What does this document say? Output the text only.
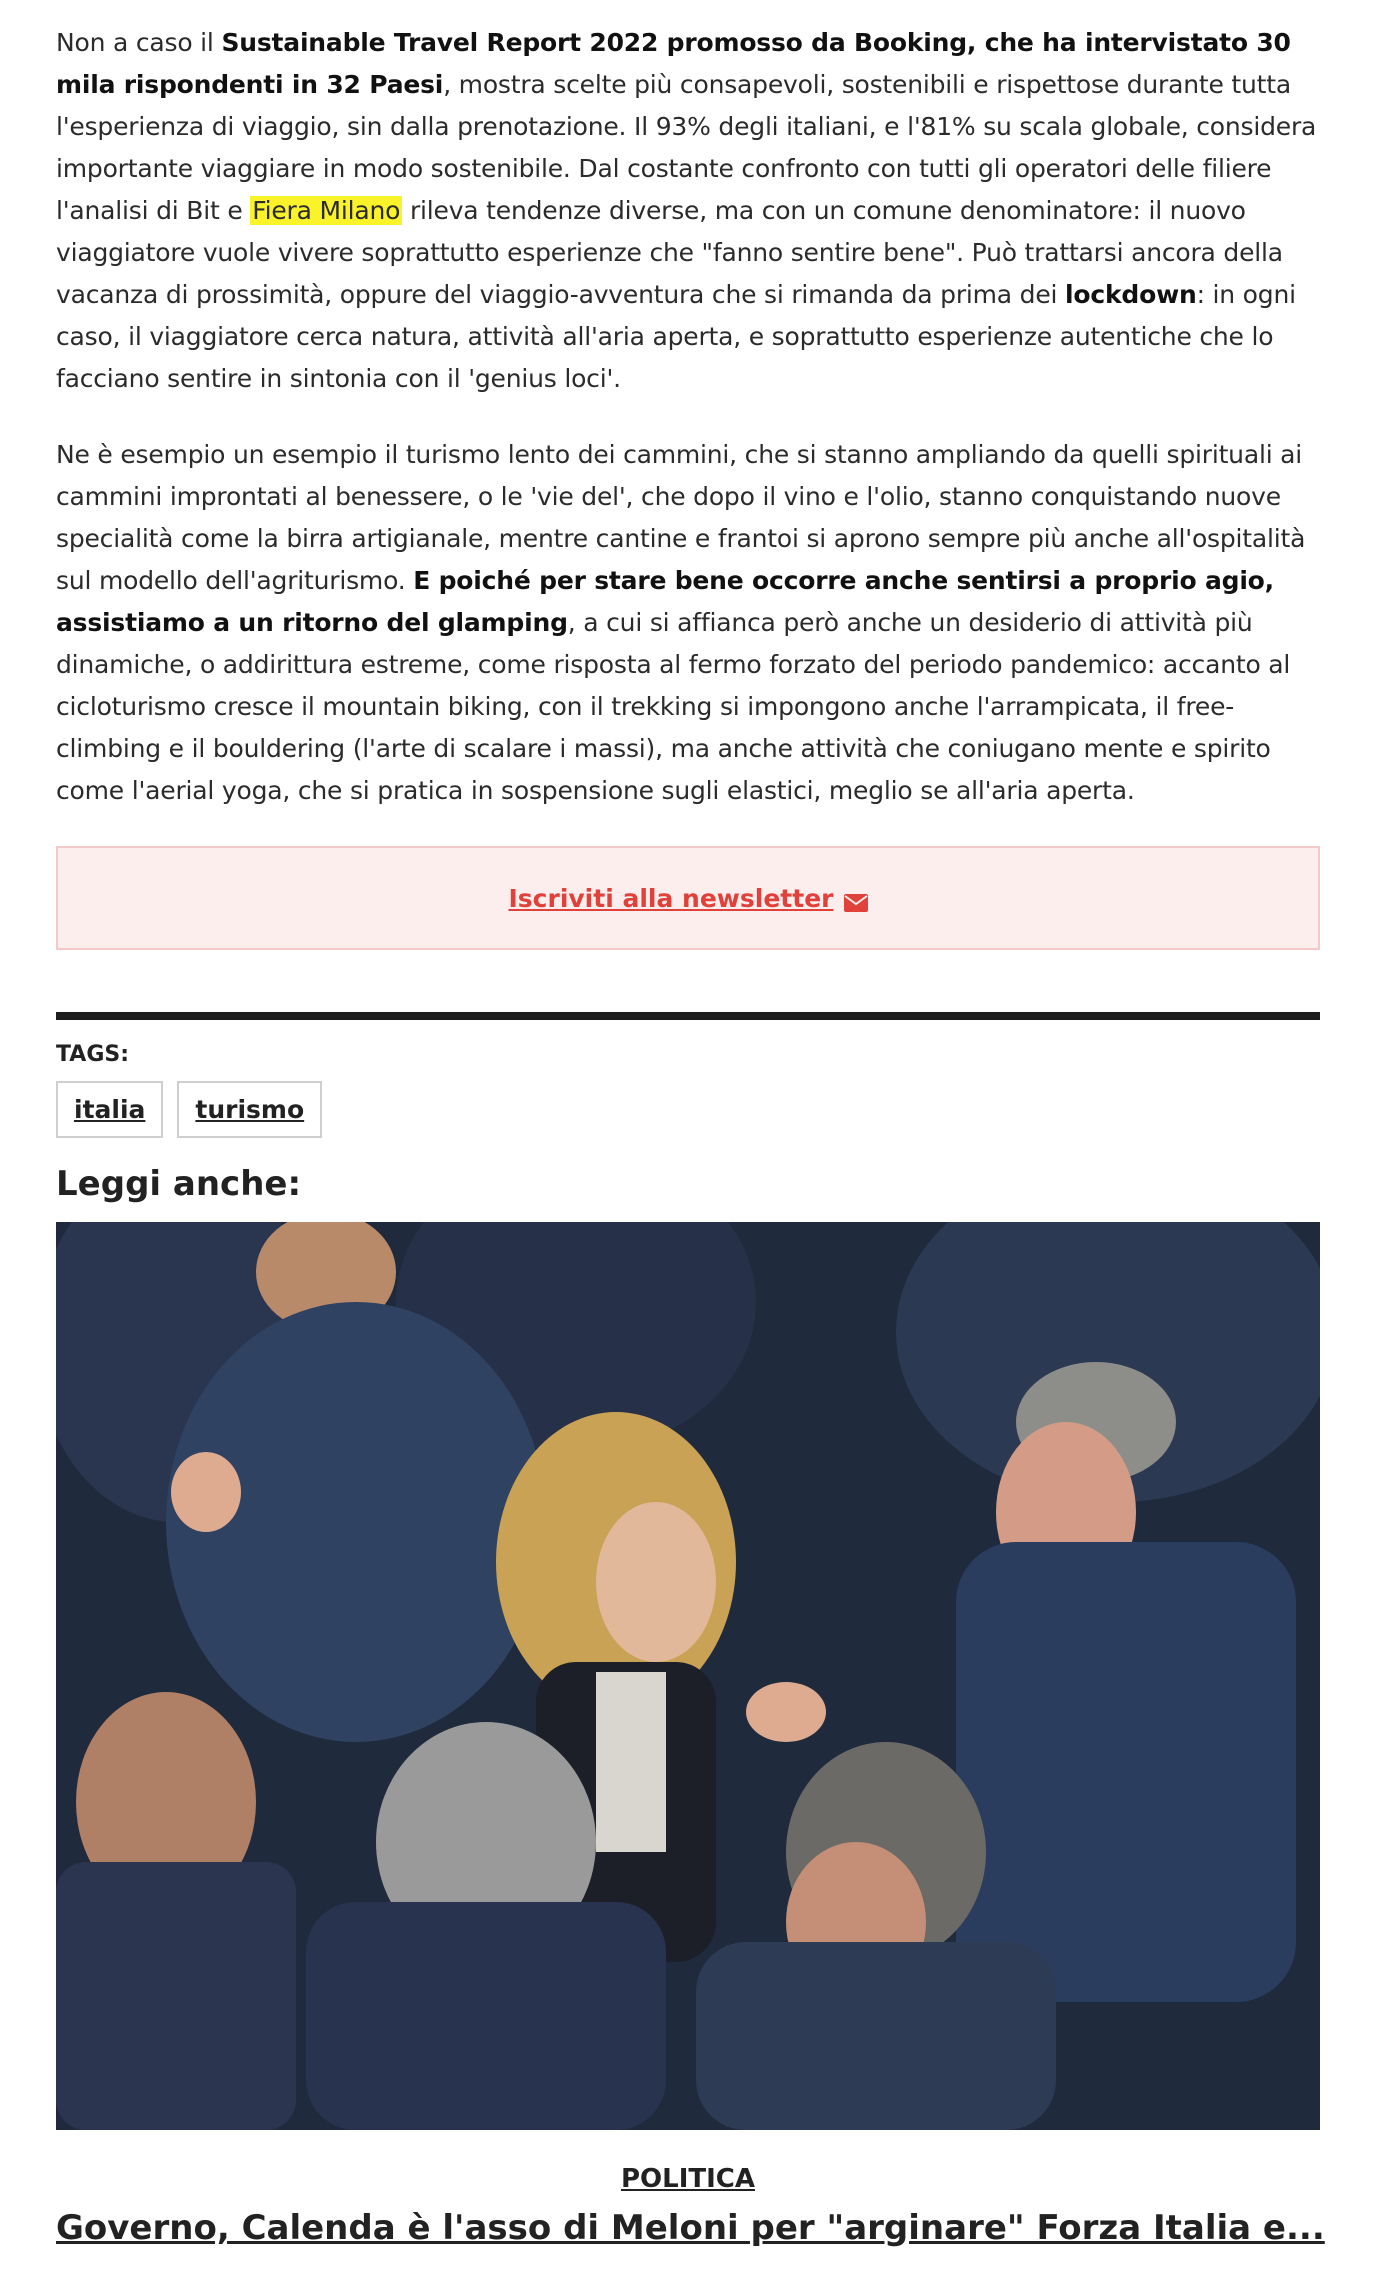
Non a caso il Sustainable Travel Report 2022 promosso da Booking, che ha intervistato 30 mila rispondenti in 32 Paesi, mostra scelte più consapevoli, sostenibili e rispettose durante tutta l'esperienza di viaggio, sin dalla prenotazione. Il 93% degli italiani, e l'81% su scala globale, considera importante viaggiare in modo sostenibile. Dal costante confronto con tutti gli operatori delle filiere l'analisi di Bit e Fiera Milano rileva tendenze diverse, ma con un comune denominatore: il nuovo viaggiatore vuole vivere soprattutto esperienze che "fanno sentire bene". Può trattarsi ancora della vacanza di prossimità, oppure del viaggio-avventura che si rimanda da prima dei lockdown: in ogni caso, il viaggiatore cerca natura, attività all'aria aperta, e soprattutto esperienze autentiche che lo facciano sentire in sintonia con il 'genius loci'.

Ne è esempio un esempio il turismo lento dei cammini, che si stanno ampliando da quelli spirituali ai cammini improntati al benessere, o le 'vie del', che dopo il vino e l'olio, stanno conquistando nuove specialità come la birra artigianale, mentre cantine e frantoi si aprono sempre più anche all'ospitalità sul modello dell'agriturismo. E poiché per stare bene occorre anche sentirsi a proprio agio, assistiamo a un ritorno del glamping, a cui si affianca però anche un desiderio di attività più dinamiche, o addirittura estreme, come risposta al fermo forzato del periodo pandemico: accanto al cicloturismo cresce il mountain biking, con il trekking si impongono anche l'arrampicata, il free-climbing e il bouldering (l'arte di scalare i massi), ma anche attività che coniugano mente e spirito come l'aerial yoga, che si pratica in sospensione sugli elastici, meglio se all'aria aperta.

Iscriviti alla newsletter
TAGS:
italia	turismo
Leggi anche:
POLITICA
Governo, Calenda è l'asso di Meloni per "arginare" Forza Italia e...
